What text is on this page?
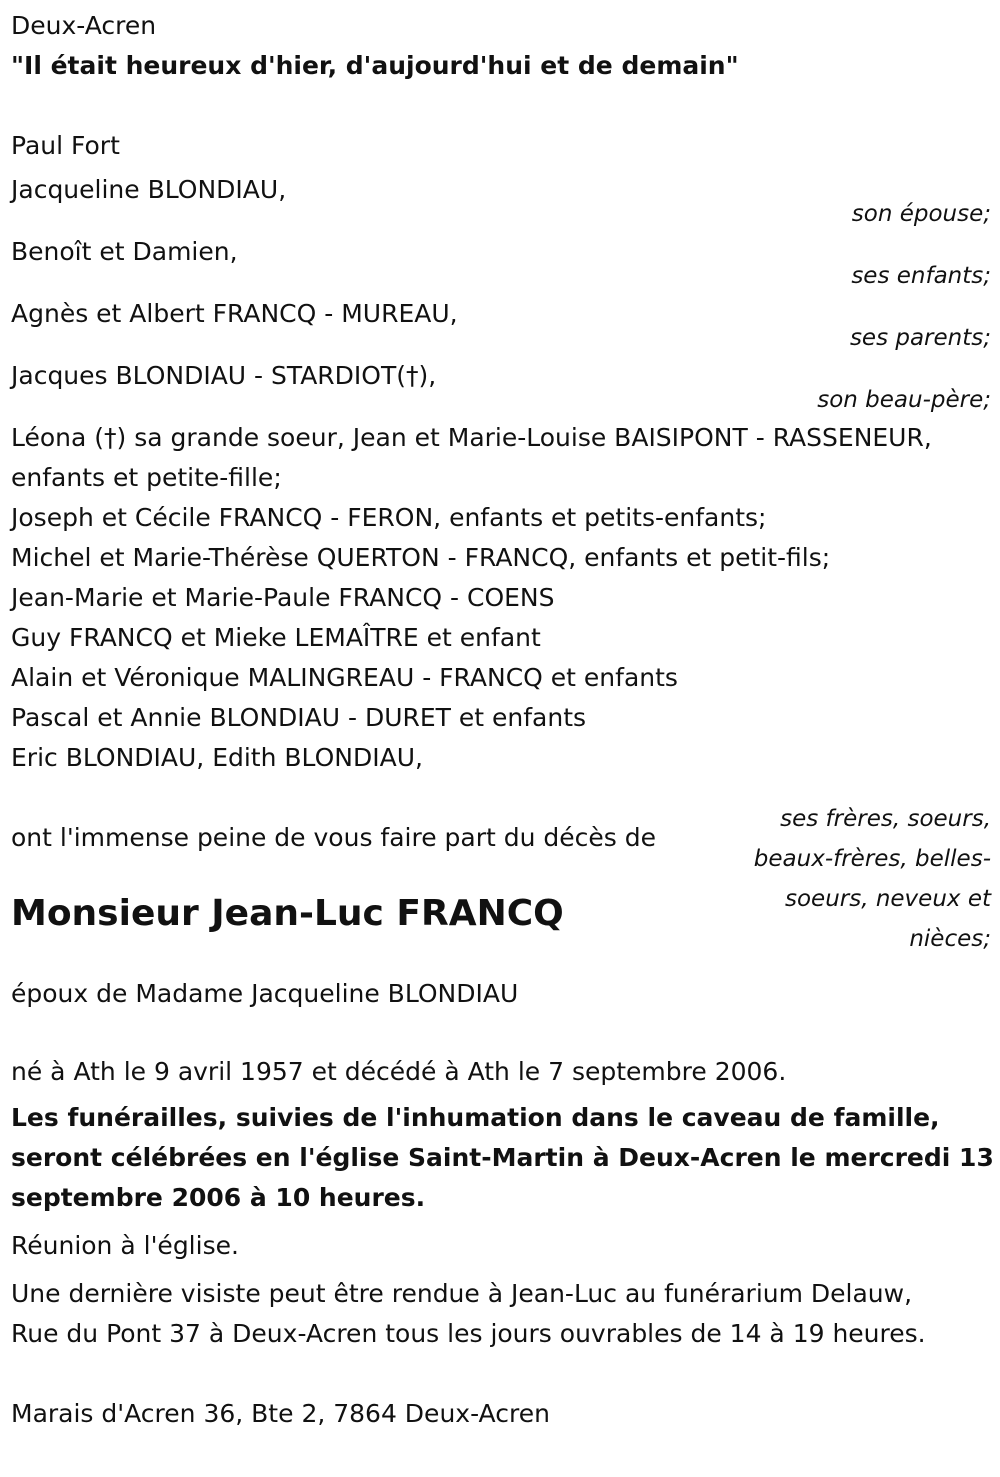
Deux-Acren

"Il était heureux d'hier, d'aujourd'hui et de demain"

Paul Fort

Jacqueline BLONDIAU,

son épouse;

Benoît et Damien,

ses enfants;

Agnès et Albert FRANCQ - MUREAU,

ses parents;

Jacques BLONDIAU - STARDIOT(†),

son beau-père;

Léona (†) sa grande soeur, Jean et Marie-Louise BAISIPONT - RASSENEUR,

enfants et petite-fille;

Joseph et Cécile FRANCQ - FERON, enfants et petits-enfants;

Michel et Marie-Thérèse QUERTON - FRANCQ, enfants et petit-fils;

Jean-Marie et Marie-Paule FRANCQ - COENS

Guy FRANCQ et Mieke LEMAÎTRE et enfant

Alain et Véronique MALINGREAU - FRANCQ et enfants

Pascal et Annie BLONDIAU - DURET et enfants

Eric BLONDIAU, Edith BLONDIAU,

ont l'immense peine de vous faire part du décès de

Monsieur Jean-Luc FRANCQ

époux de Madame Jacqueline BLONDIAU

né à Ath le 9 avril 1957 et décédé à Ath le 7 septembre 2006.

Les funérailles, suivies de l'inhumation dans le caveau de famille,

seront célébrées en l'église Saint-Martin à Deux-Acren le mercredi 13

septembre 2006 à 10 heures.

Réunion à l'église.

Une dernière visiste peut être rendue à Jean-Luc au funérarium Delauw,

Rue du Pont 37 à Deux-Acren tous les jours ouvrables de 14 à 19 heures.

Marais d'Acren 36, Bte 2, 7864 Deux-Acren

ses frères, soeurs, beaux-frères, belles-soeurs, neveux et nièces;
